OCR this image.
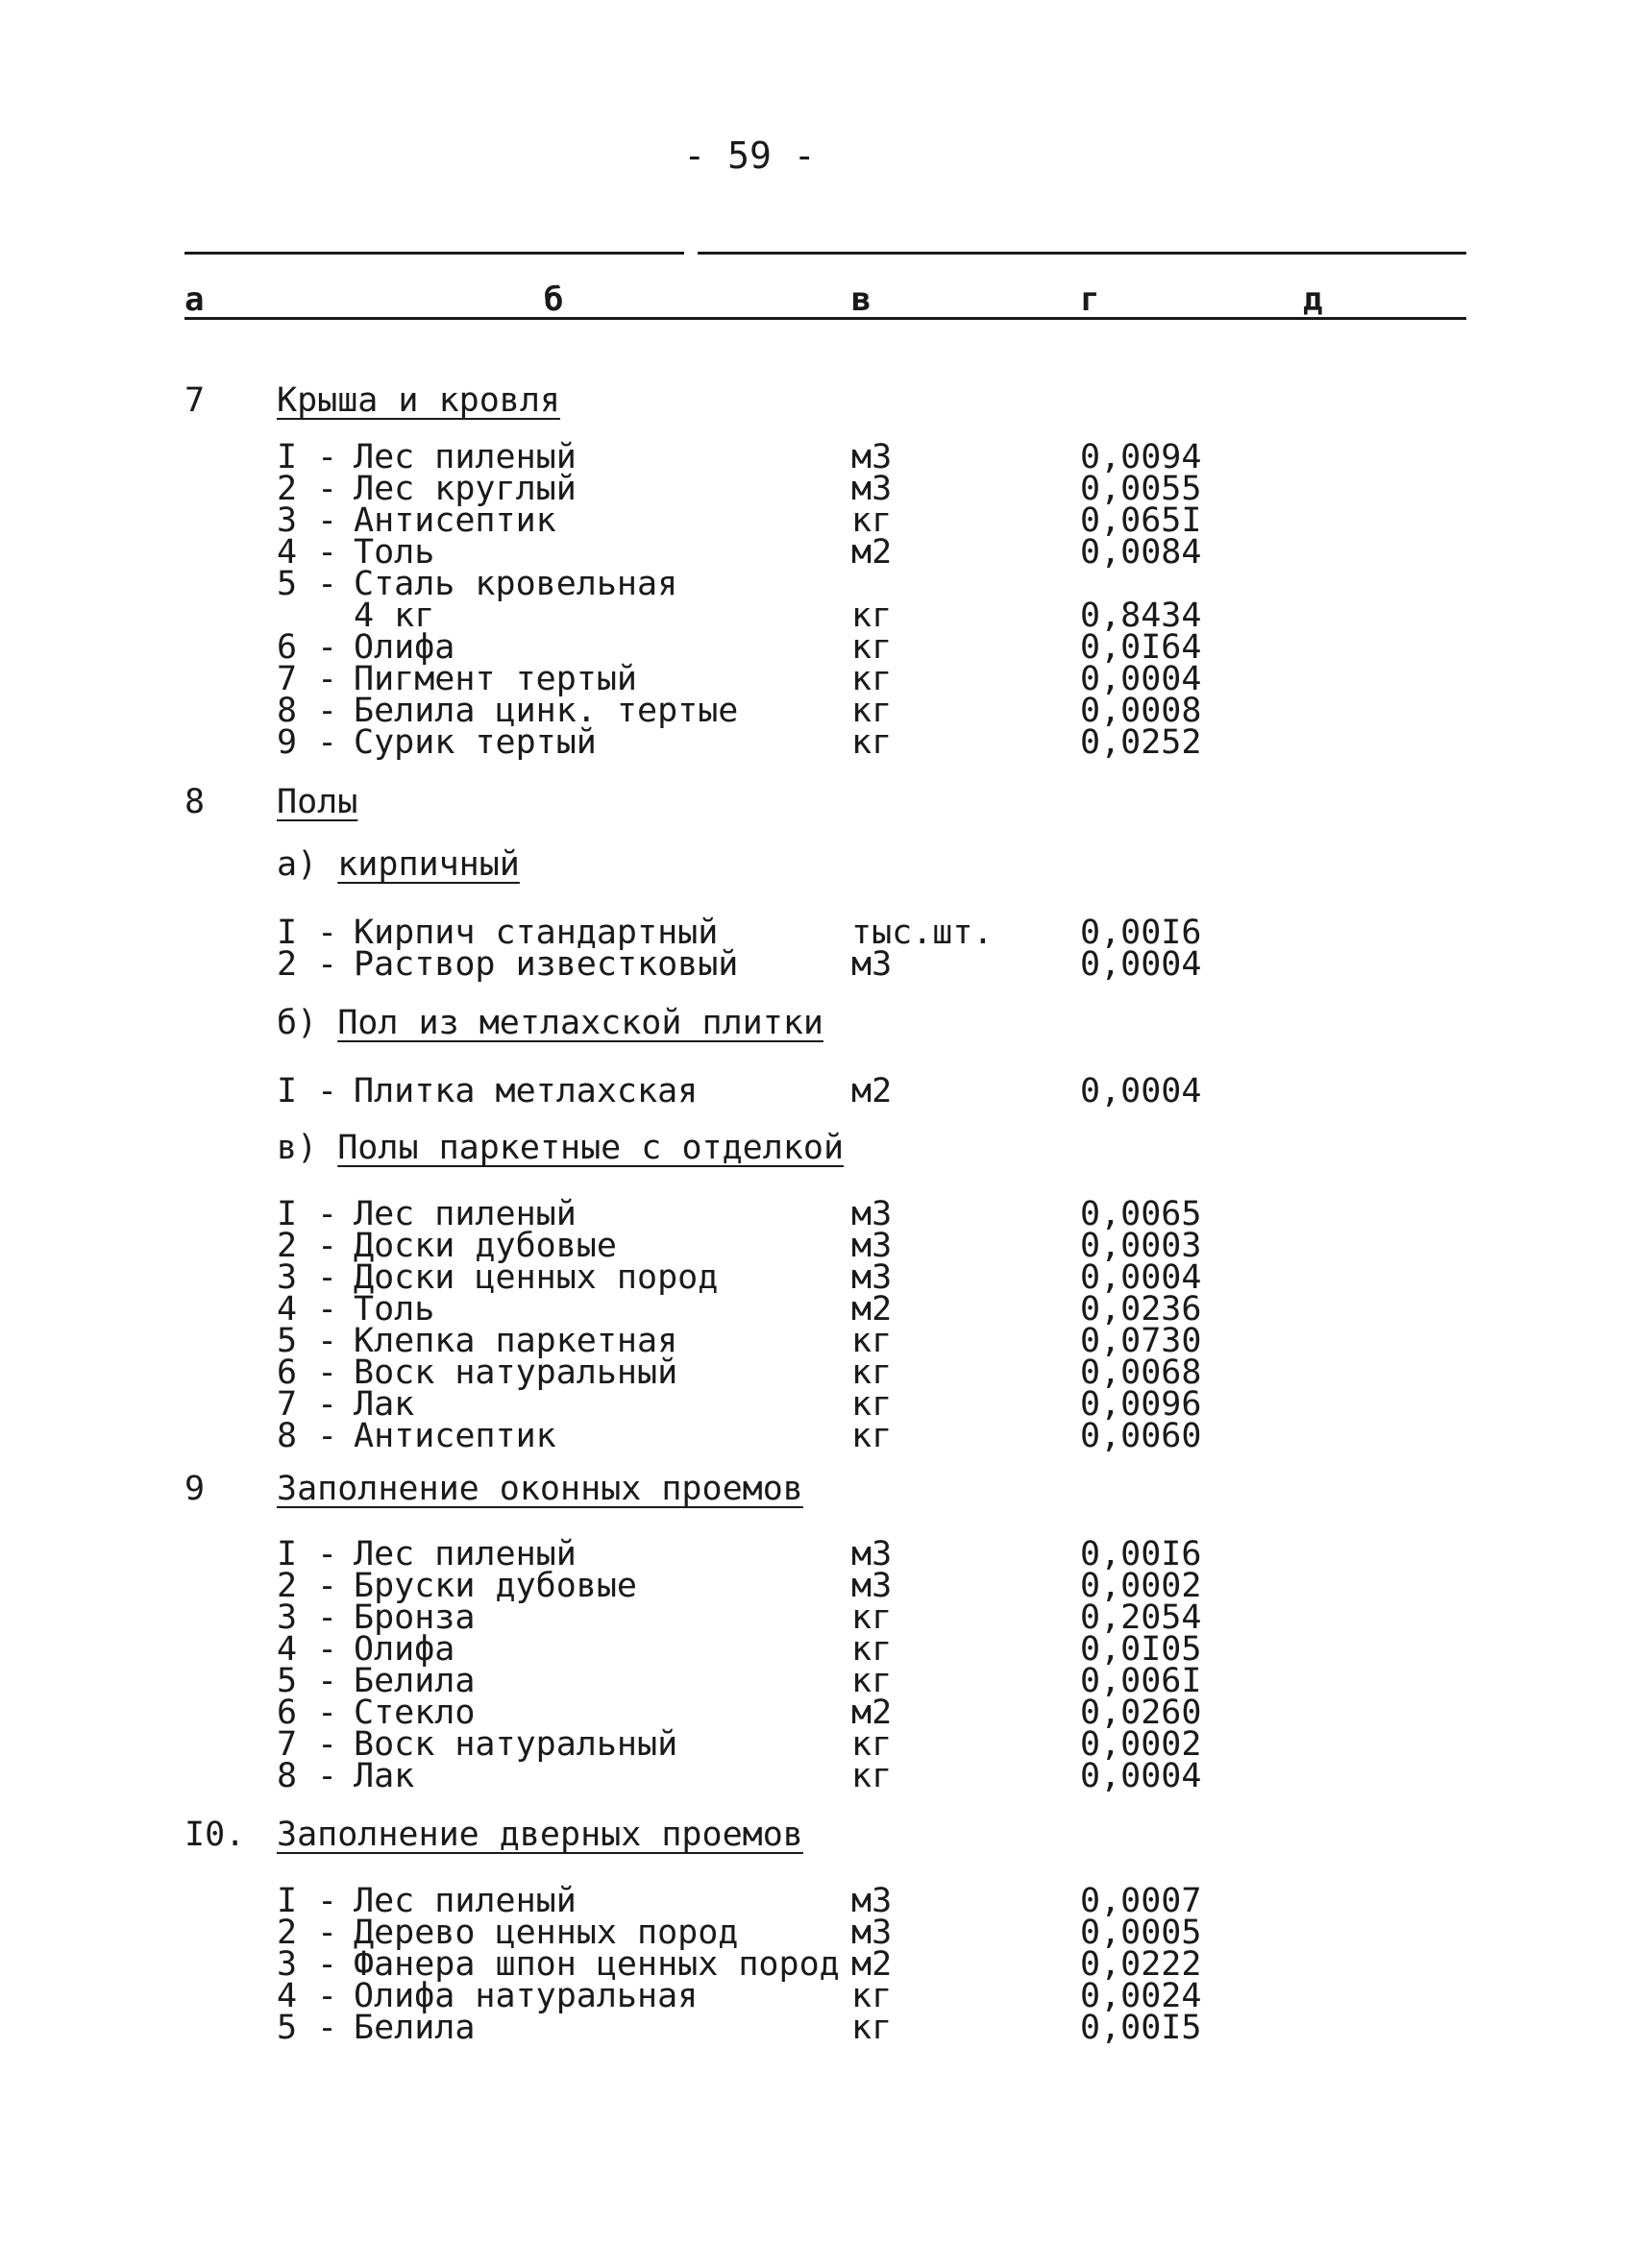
- 59 -
а	б	в	г	д
7 Крыша и кровля
I - Лес пиленый	м3	0,0094
2 - Лес круглый	м3	0,0055
3 - Антисептик	кг	0,065I
4 - Толь	м2	0,0084
5 - Сталь кровельная
4 кг	кг	0,8434
6 - Олифа	кг	0,0I64
7 - Пигмент тертый	кг	0,0004
8 - Белила цинк. тертые	кг	0,0008
9 - Сурик тертый	кг	0,0252
8 Полы
а) кирпичный
I - Кирпич стандартный	тыс.шт.	0,00I6
2 - Раствор известковый	м3	0,0004
б) Пол из метлахской плитки
I - Плитка метлахская	м2	0,0004
в) Полы паркетные с отделкой
I - Лес пиленый	м3	0,0065
2 - Доски дубовые	м3	0,0003
3 - Доски ценных пород	м3	0,0004
4 - Толь	м2	0,0236
5 - Клепка паркетная	кг	0,0730
6 - Воск натуральный	кг	0,0068
7 - Лак	кг	0,0096
8 - Антисептик	кг	0,0060
9 Заполнение оконных проемов
I - Лес пиленый	м3	0,00I6
2 - Бруски дубовые	м3	0,0002
3 - Бронза	кг	0,2054
4 - Олифа	кг	0,0I05
5 - Белила	кг	0,006I
6 - Стекло	м2	0,0260
7 - Воск натуральный	кг	0,0002
8 - Лак	кг	0,0004
I0. Заполнение дверных проемов
I - Лес пиленый	м3	0,0007
2 - Дерево ценных пород	м3	0,0005
3 - Фанера шпон ценных пород м2	0,0222
4 - Олифа натуральная	кг	0,0024
5 - Белила	кг	0,00I5
